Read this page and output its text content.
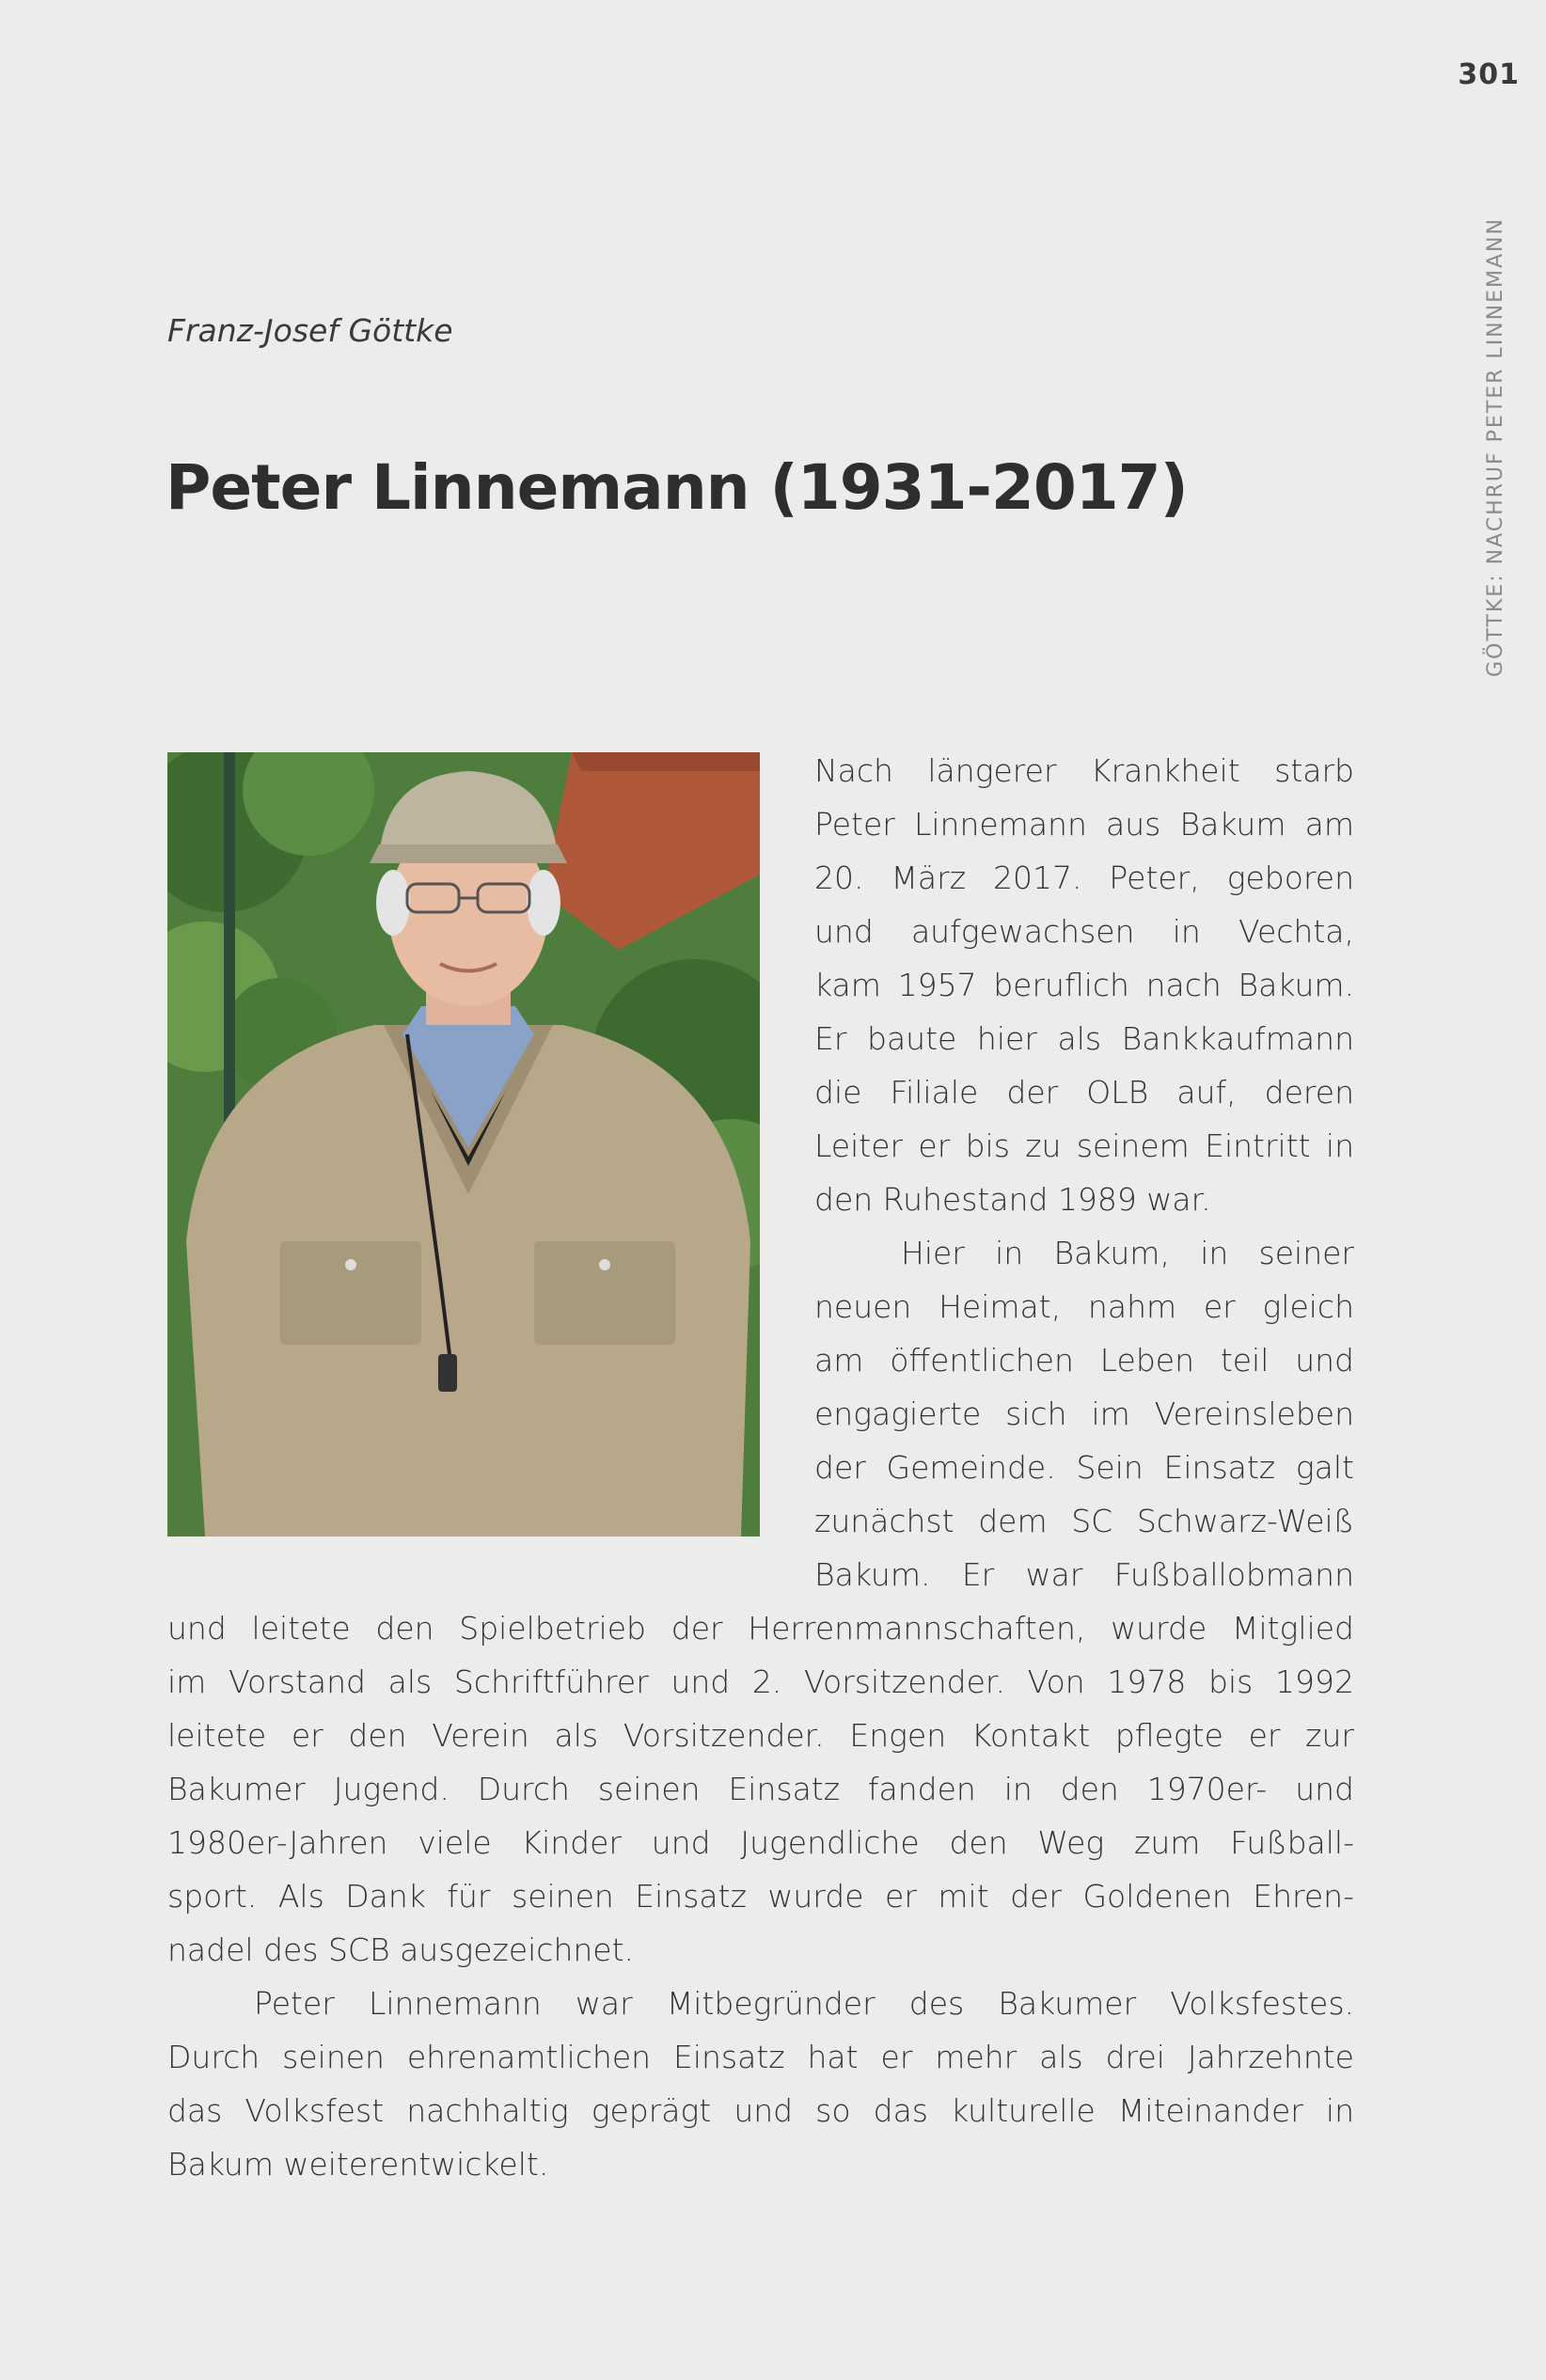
301
GÖTTKE: NACHRUF PETER LINNEMANN
Franz-Josef Göttke
Peter Linnemann (1931-2017)
Nach längerer Krankheit starb
Peter Linnemann aus Bakum am
20. März 2017. Peter, geboren
und aufgewachsen in Vechta,
kam 1957 beruflich nach Bakum.
Er baute hier als Bankkaufmann
die Filiale der OLB auf, deren
Leiter er bis zu seinem Eintritt in
den Ruhestand 1989 war.
Hier in Bakum, in seiner
neuen Heimat, nahm er gleich
am öffentlichen Leben teil und
engagierte sich im Vereinsleben
der Gemeinde. Sein Einsatz galt
zunächst dem SC Schwarz-Weiß
Bakum. Er war Fußballobmann
und leitete den Spielbetrieb der Herrenmannschaften, wurde Mitglied
im Vorstand als Schriftführer und 2. Vorsitzender. Von 1978 bis 1992
leitete er den Verein als Vorsitzender. Engen Kontakt pflegte er zur
Bakumer Jugend. Durch seinen Einsatz fanden in den 1970er- und
1980er-Jahren viele Kinder und Jugendliche den Weg zum Fußball-
sport. Als Dank für seinen Einsatz wurde er mit der Goldenen Ehren-
nadel des SCB ausgezeichnet.
Peter Linnemann war Mitbegründer des Bakumer Volksfestes.
Durch seinen ehrenamtlichen Einsatz hat er mehr als drei Jahrzehnte
das Volksfest nachhaltig geprägt und so das kulturelle Miteinander in
Bakum weiterentwickelt.
